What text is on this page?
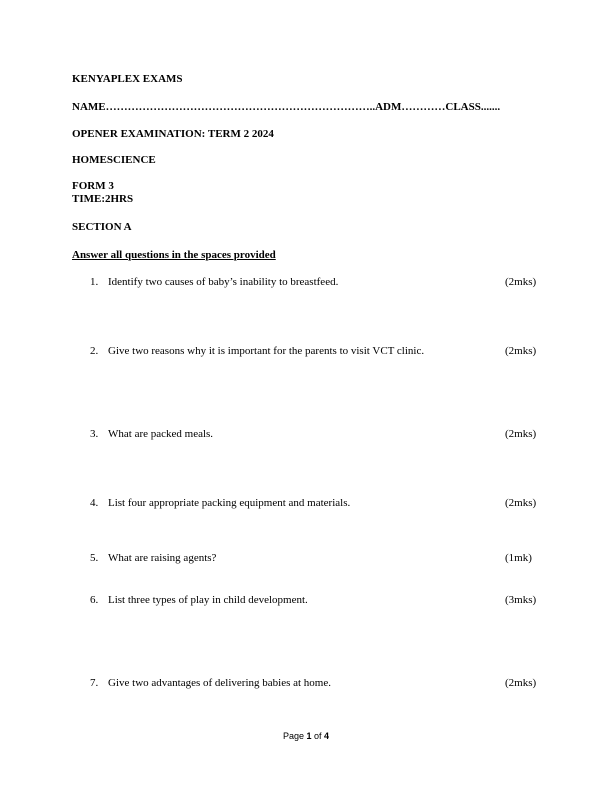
KENYAPLEX EXAMS
NAME………………………………………………………………..ADM…………CLASS.......
OPENER EXAMINATION: TERM 2 2024
HOMESCIENCE
FORM 3
TIME:2HRS
SECTION A
Answer all questions in the spaces provided
1. Identify two causes of baby’s inability to breastfeed.	(2mks)
2. Give two reasons why it is important for the parents to visit VCT clinic.	(2mks)
3. What are packed meals.	(2mks)
4. List four appropriate packing equipment and materials.	(2mks)
5. What are raising agents?	(1mk)
6. List three types of play in child development.	(3mks)
7. Give two advantages of delivering babies at home.	(2mks)
Page 1 of 4
